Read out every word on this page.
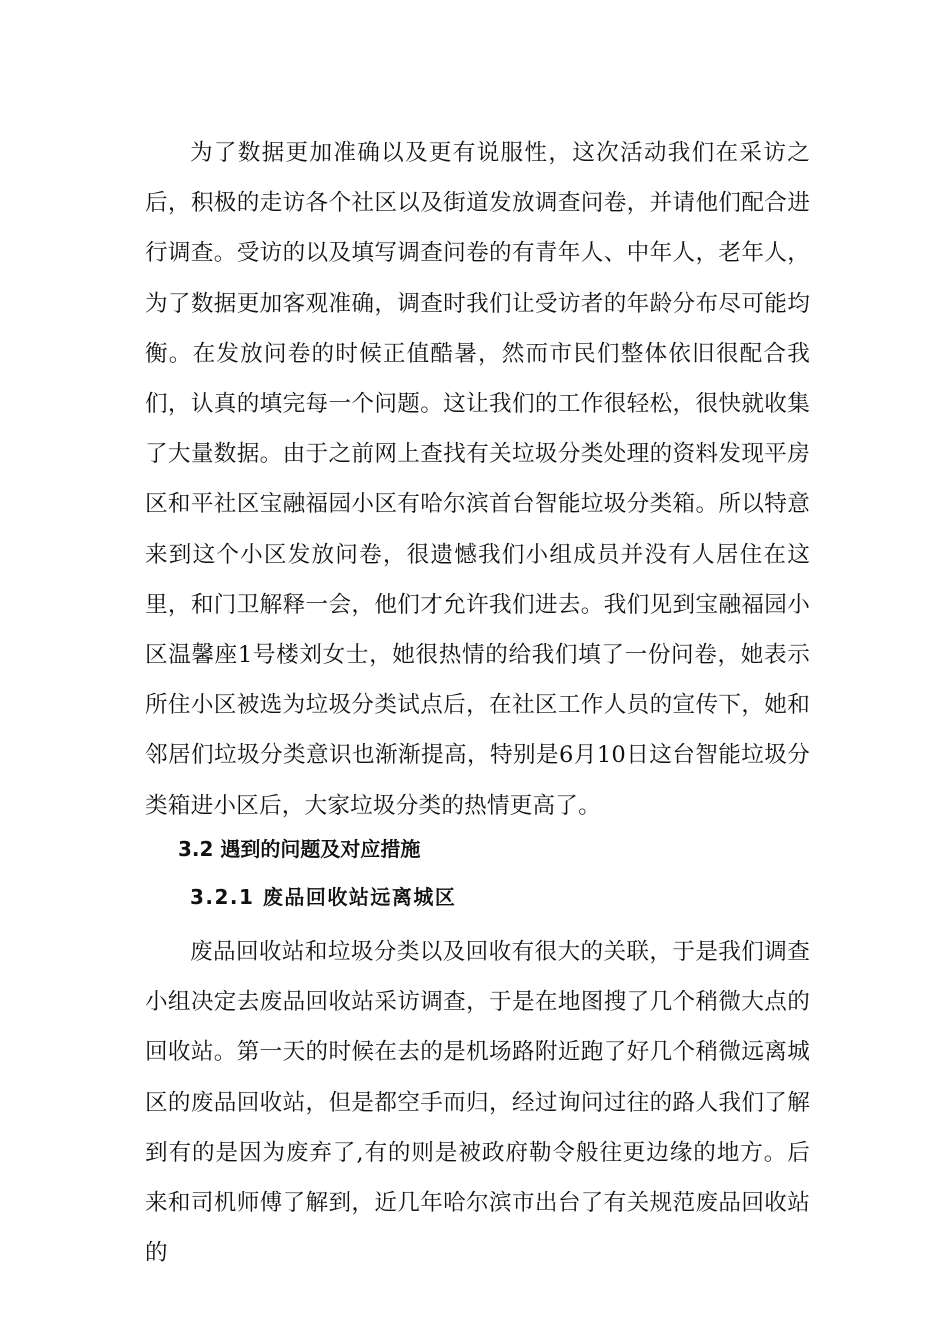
为了数据更加准确以及更有说服性，这次活动我们在采访之后，积极的走访各个社区以及街道发放调查问卷，并请他们配合进行调查。受访的以及填写调查问卷的有青年人、中年人，老年人，为了数据更加客观准确，调查时我们让受访者的年龄分布尽可能均衡。在发放问卷的时候正值酷暑，然而市民们整体依旧很配合我们，认真的填完每一个问题。这让我们的工作很轻松，很快就收集了大量数据。由于之前网上查找有关垃圾分类处理的资料发现平房区和平社区宝融福园小区有哈尔滨首台智能垃圾分类箱。所以特意来到这个小区发放问卷，很遗憾我们小组成员并没有人居住在这里，和门卫解释一会，他们才允许我们进去。我们见到宝融福园小区温馨座1号楼刘女士，她很热情的给我们填了一份问卷，她表示所住小区被选为垃圾分类试点后，在社区工作人员的宣传下，她和邻居们垃圾分类意识也渐渐提高，特别是6月10日这台智能垃圾分类箱进小区后，大家垃圾分类的热情更高了。

3.2 遇到的问题及对应措施
3.2.1 废品回收站远离城区

废品回收站和垃圾分类以及回收有很大的关联，于是我们调查小组决定去废品回收站采访调查，于是在地图搜了几个稍微大点的回收站。第一天的时候在去的是机场路附近跑了好几个稍微远离城区的废品回收站，但是都空手而归，经过询问过往的路人我们了解到有的是因为废弃了,有的则是被政府勒令般往更边缘的地方。后来和司机师傅了解到，近几年哈尔滨市出台了有关规范废品回收站的
